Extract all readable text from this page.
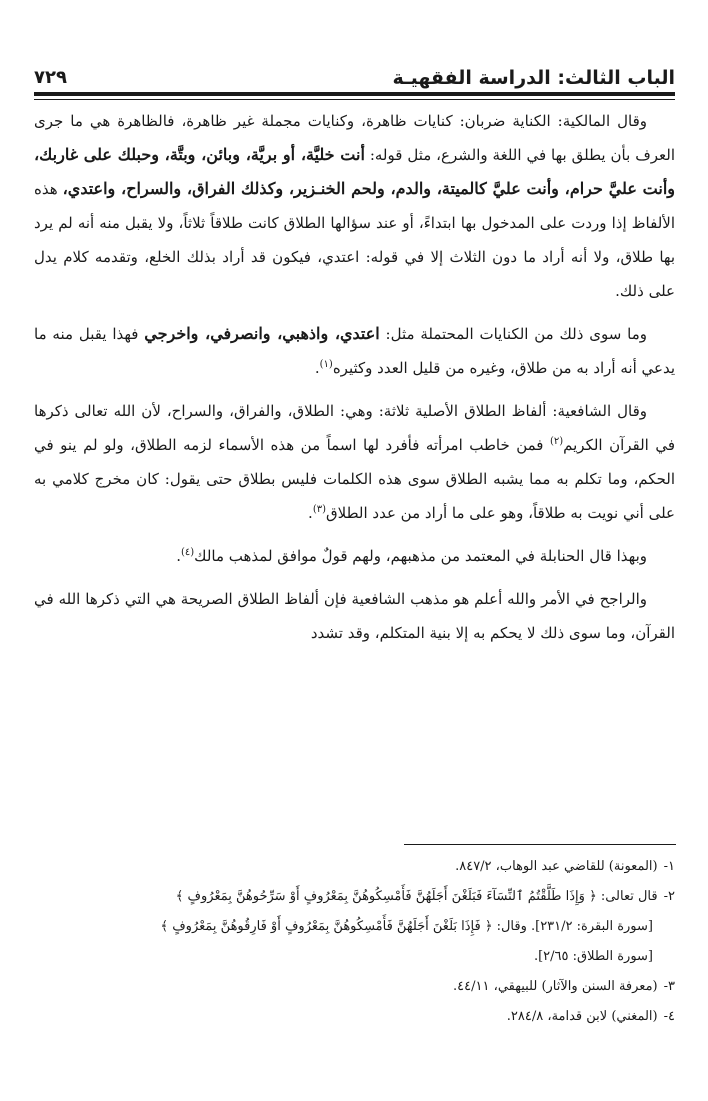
الباب الثالث: الدراسة الفقهيـة
٧٢٩

وقال المالكية: الكناية ضربان: كنايات ظاهرة، وكنايات مجملة غير ظاهرة، فالظاهرة هي ما جرى العرف بأن يطلق بها في اللغة والشرع، مثل قوله: أنت خليَّة، أو بريَّة، وبائن، وبتَّة، وحبلك على غاربك، وأنت عليَّ حرام، وأنت عليَّ كالميتة، والدم، ولحم الخنـزير، وكذلك الفراق، والسراح، واعتدي، هذه الألفاظ إذا وردت على المدخول بها ابتداءً، أو عند سؤالها الطلاق كانت طلاقاً ثلاثاً، ولا يقبل منه أنه لم يرد بها طلاق، ولا أنه أراد ما دون الثلاث إلا في قوله: اعتدي، فيكون قد أراد بذلك الخلع، وتقدمه كلام يدل على ذلك.

وما سوى ذلك من الكنايات المحتملة مثل: اعتدي، واذهبي، وانصرفي، واخرجي فهذا يقبل منه ما يدعي أنه أراد به من طلاق، وغيره من قليل العدد وكثيره$^{(١)}$.

وقال الشافعية: ألفاظ الطلاق الأصلية ثلاثة: وهي: الطلاق، والفراق، والسراح، لأن الله تعالى ذكرها في القرآن الكريم$^{(٢)}$ فمن خاطب امرأته فأفرد لها اسماً من هذه الأسماء لزمه الطلاق، ولو لم ينو في الحكم، وما تكلم به مما يشبه الطلاق سوى هذه الكلمات فليس بطلاق حتى يقول: كان مخرج كلامي به على أني نويت به طلاقاً، وهو على ما أراد من عدد الطلاق$^{(٣)}$.

وبهذا قال الحنابلة في المعتمد من مذهبهم، ولهم قولٌ موافق لمذهب مالك$^{(٤)}$.

والراجح في الأمر والله أعلم هو مذهب الشافعية فإن ألفاظ الطلاق الصريحة هي التي ذكرها الله في القرآن، وما سوى ذلك لا يحكم به إلا بنية المتكلم، وقد تشدد

١-
(المعونة) للقاضي عبد الوهاب، ٨٤٧/٢.

٢-
قال تعالى: ﴿ وَإِذَا طَلَّقْتُمُ ٱلنِّسَآءَ فَبَلَغْنَ أَجَلَهُنَّ فَأَمْسِكُوهُنَّ بِمَعْرُوفٍ أَوْ سَرِّحُوهُنَّ بِمَعْرُوفٍ ﴾

[سورة البقرة: ٢٣١/٢]. وقال: ﴿ فَإِذَا بَلَغْنَ أَجَلَهُنَّ فَأَمْسِكُوهُنَّ بِمَعْرُوفٍ أَوْ فَارِقُوهُنَّ بِمَعْرُوفٍ ﴾

[سورة الطلاق: ٢/٦٥].

٣-
(معرفة السنن والآثار) للبيهقي، ٤٤/١١.

٤-
(المغني) لابن قدامة، ٢٨٤/٨.
